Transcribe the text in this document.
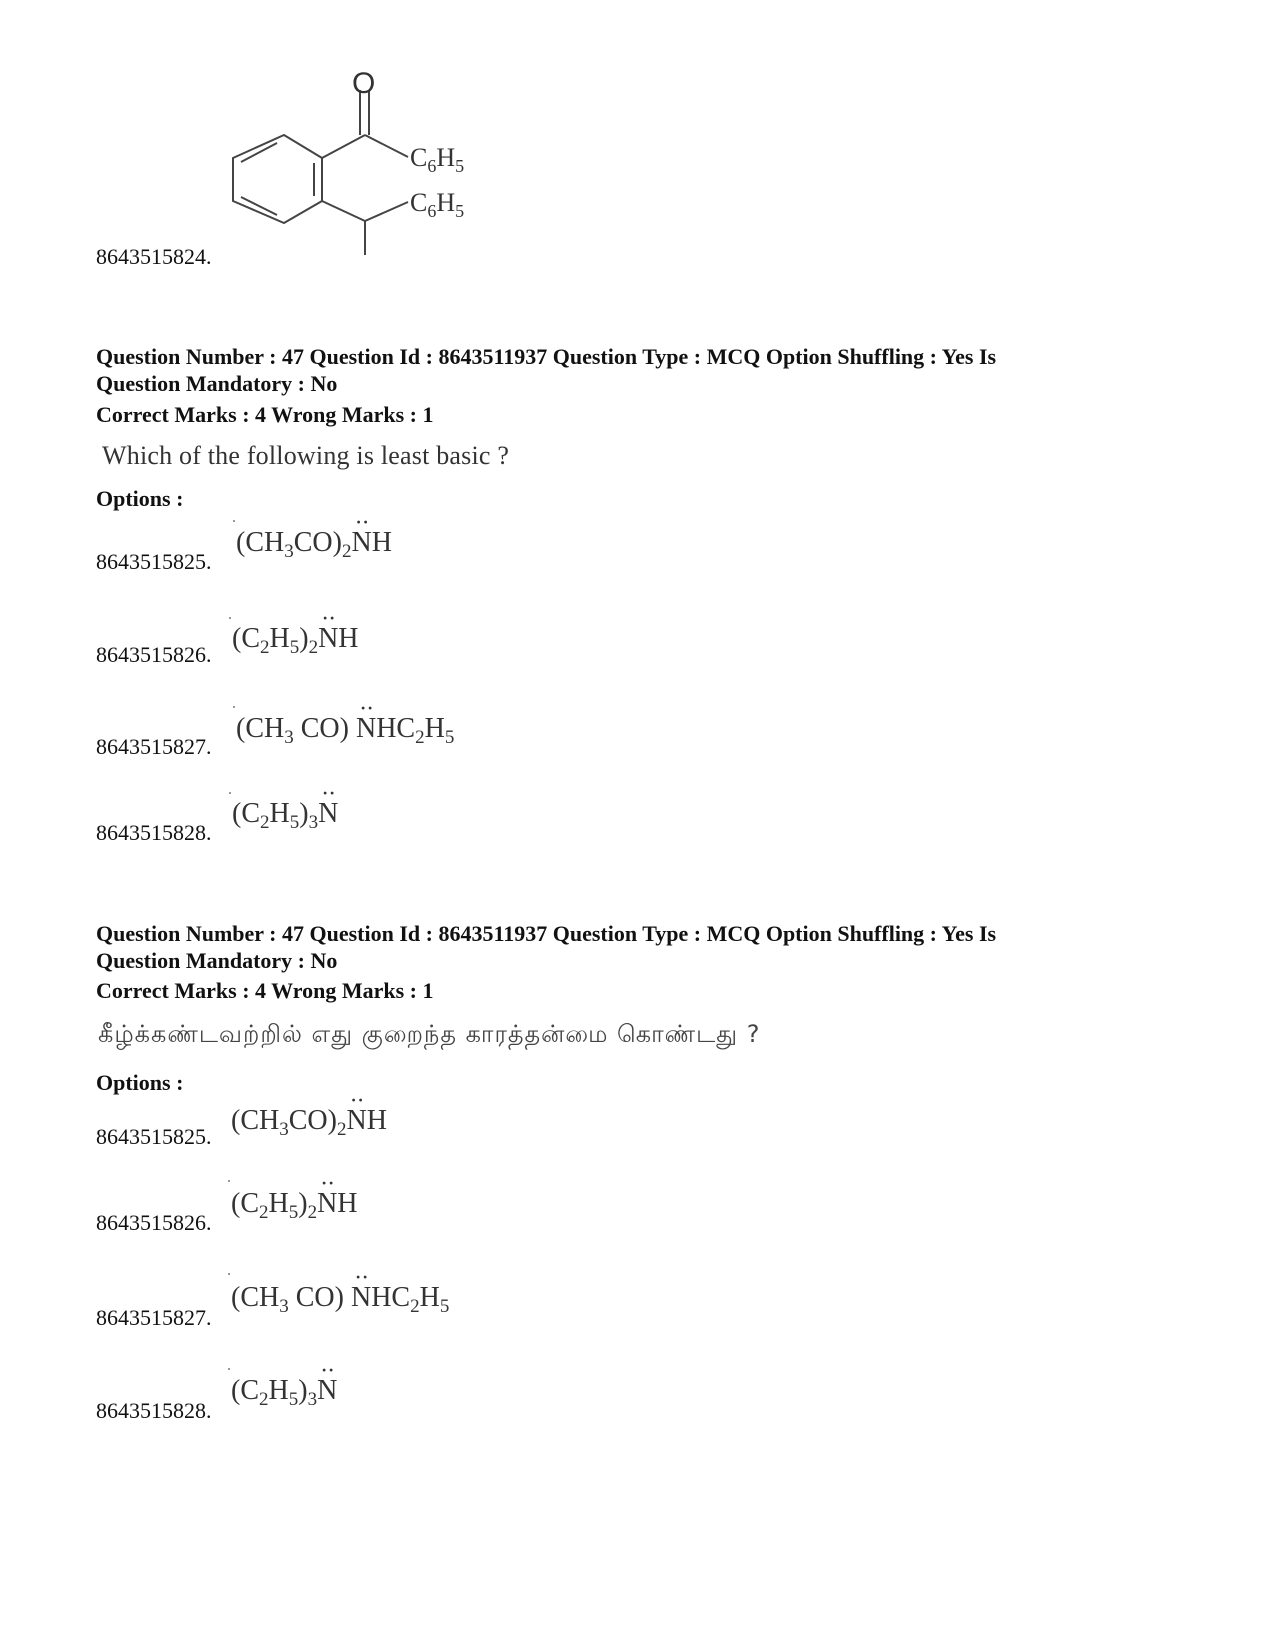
O
$C_6H_5$
$C_6H_5$
8643515824.
Question Number : 47 Question Id : 8643511937 Question Type : MCQ Option Shuffling : Yes Is Question Mandatory : No
Correct Marks : 4 Wrong Marks : 1
Which of the following is least basic ?
Options :
8643515825.
$(CH_3CO)_2\cdot\cdot$ NH
8643515826.
$(C_2H_5)_2\cdot\cdot$ NH
8643515827.
($CH_3$ $CO) \cdot\cdot NHC_2H_5$
8643515828.
$(C_2H_5)_3\cdot\cdot N$
Question Number : 47 Question Id : 8643511937 Question Type : MCQ Option Shuffling : Yes Is Question Mandatory : No
Correct Marks : 4 Wrong Marks : 1
கீழ்க்கண்டவற்றில் எது குறைந்த காரத்தன்மை கொண்டது ?
Options :
8643515825.
$(CH_3CO)_2\cdot\cdot$ NH
8643515826.
$(C_2H_5)_2\cdot\cdot$ NH
8643515827.
($CH_3$ $CO) \cdot\cdot NHC_2H_5$
8643515828.
$(C_2H_5)_3\cdot\cdot N$
